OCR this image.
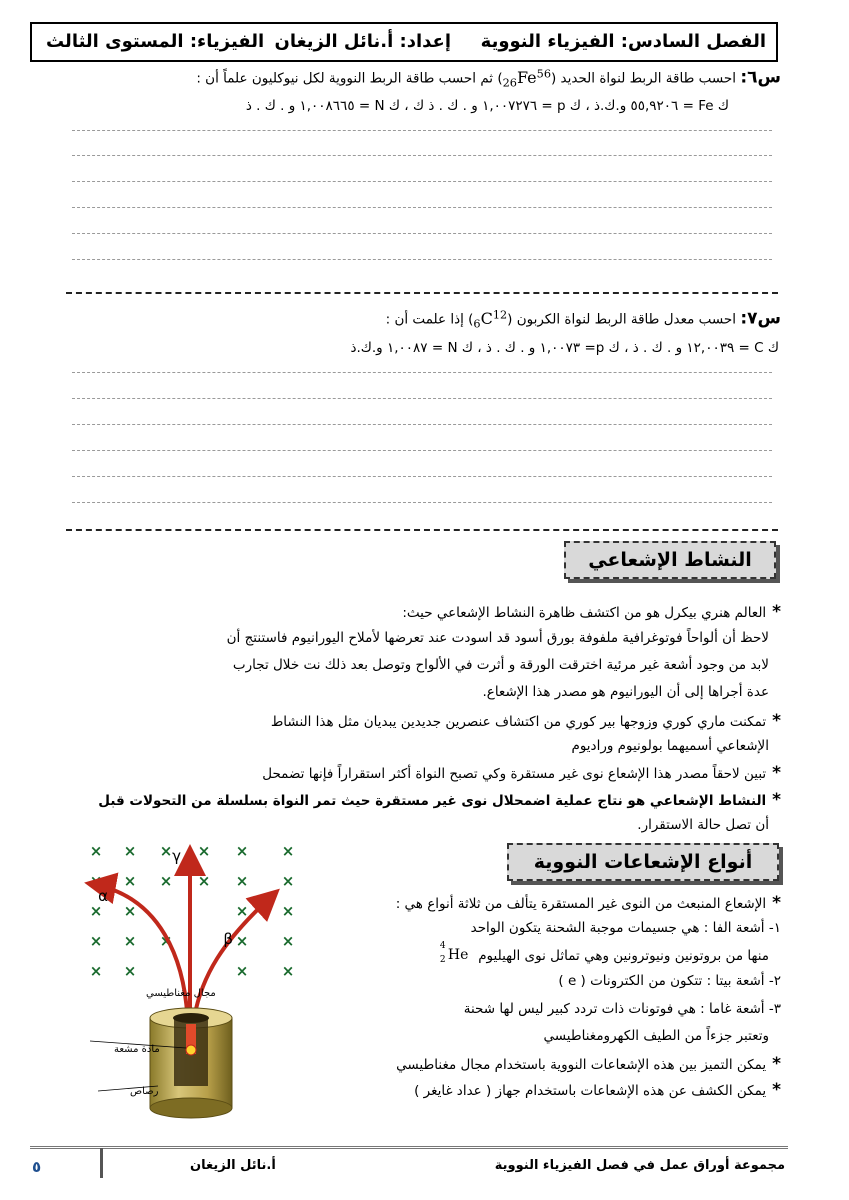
الفصل السادس: الفيزياء النووية
إعداد: أ.نائل الزيغان
الفيزياء: المستوى الثالث
س٦: احسب طاقة الربط لنواة الحديد $(_{26}Fe^{56})$ ثم احسب طاقة الربط النووية لكل نيوكليون علماً أن :
ك Fe = ٥٥,٩٢٠٦ و.ك.ذ ، ك p = ١,٠٠٧٢٧٦ و . ك . ذ ك ، ك N = ١,٠٠٨٦٦٥ و . ك . ذ
س٧: احسب معدل طاقة الربط لنواة الكربون $(_6C^{12})$ إذا علمت أن :
ك C = ١٢,٠٠٣٩ و . ك . ذ ، ك p= ١,٠٠٧٣ و . ك . ذ ، ك N = ١,٠٠٨٧ و.ك.ذ
النشاط الإشعاعي
* العالم هنري بيكرل هو من اكتشف ظاهرة النشاط الإشعاعي حيث:
لاحظ أن ألواحاً فوتوغرافية ملفوفة بورق أسود قد اسودت عند تعرضها لأملاح اليورانيوم فاستنتج أن
لابد من وجود أشعة غير مرئية اخترقت الورقة و أثرت في الألواح وتوصل بعد ذلك نت خلال تجارب
عدة أجراها إلى أن اليورانيوم هو مصدر هذا الإشعاع.
* تمكنت ماري كوري وزوجها بير كوري من اكتشاف عنصرين جديدين يبديان مثل هذا النشاط
الإشعاعي أسميهما بولونيوم وراديوم
* تبين لاحقاً مصدر هذا الإشعاع نوى غير مستقرة وكي تصبح النواة أكثر استقراراً فإنها تضمحل
* النشاط الإشعاعي هو نتاج عملية اضمحلال نوى غير مستقرة حيث تمر النواة بسلسلة من التحولات قبل
أن تصل حالة الاستقرار.
أنواع الإشعاعات النووية
* الإشعاع المنبعث من النوى غير المستقرة يتألف من ثلاثة أنواع هي :
١- أشعة الفا : هي جسيمات موجبة الشحنة يتكون الواحد
منها من بروتونين ونيوترونين وهي تماثل نوى الهيليوم
4
2 He
٢- أشعة بيتا : تتكون من الكترونات ( e )
٣- أشعة غاما : هي فوتونات ذات تردد كبير ليس لها شحنة
وتعتبر جزءاً من الطيف الكهرومغناطيسي
* يمكن التميز بين هذه الإشعاعات النووية باستخدام مجال مغناطيسي
* يمكن الكشف عن هذه الإشعاعات باستخدام جهاز ( عداد غايغر )
× × × × × ×
× × × × × ×
× ×	× ×
× × ×	× ×
× ×	× ×
α
γ
β
مجال مغناطيسي
مادة مشعة
رصاص
مجموعة أوراق عمل في فصل الفيزياء النووية
أ.نائل الزيغان
٥
